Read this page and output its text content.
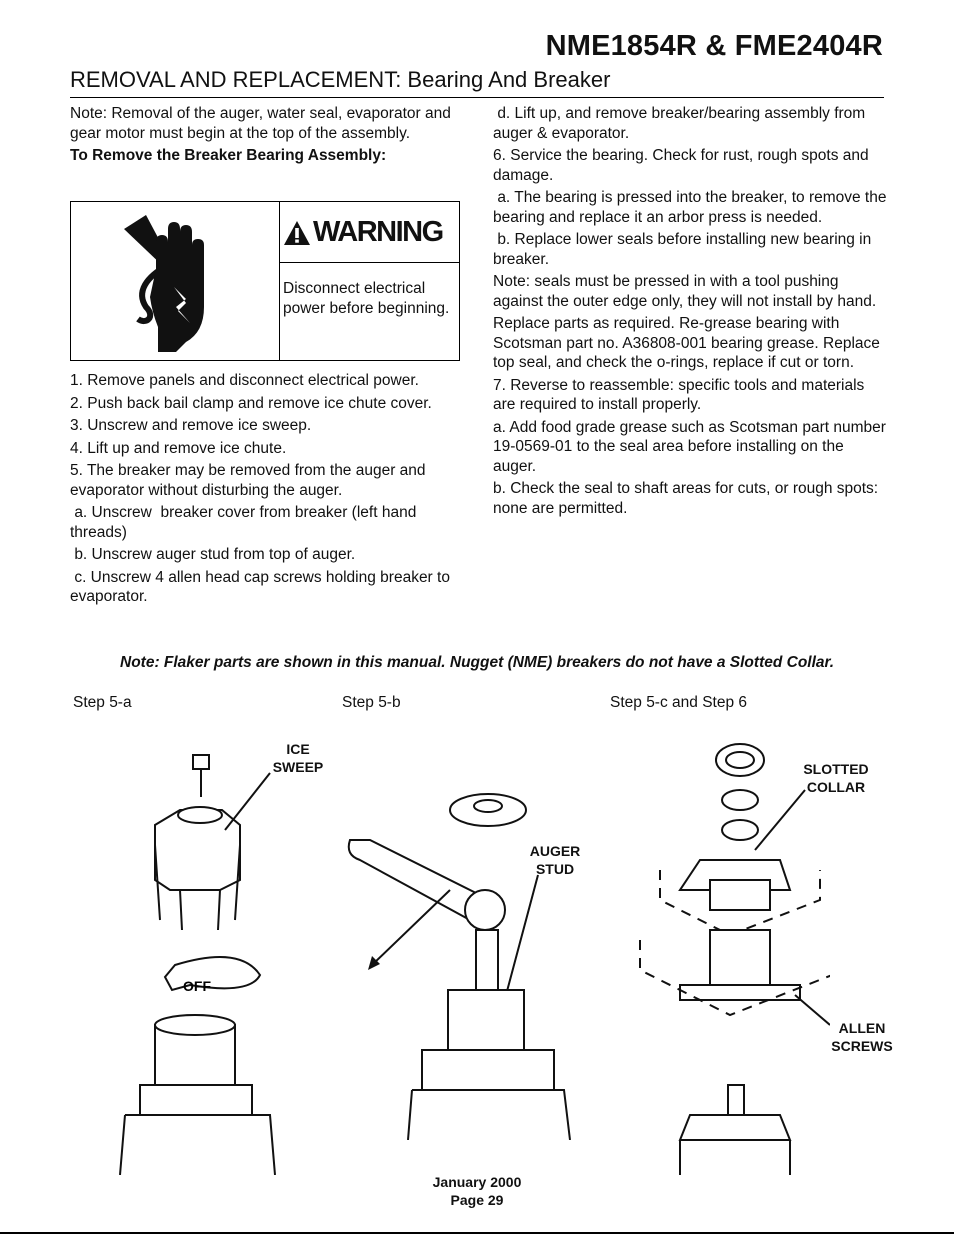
NME1854R & FME2404R
REMOVAL AND REPLACEMENT: Bearing And Breaker

Note: Removal of the auger, water seal, evaporator and gear motor must begin at the top of the assembly.

To Remove the Breaker Bearing Assembly:

WARNING
Disconnect electrical power before beginning.

1. Remove panels and disconnect electrical power.

2. Push back bail clamp and remove ice chute cover.

3. Unscrew and remove ice sweep.

4. Lift up and remove ice chute.

5. The breaker may be removed from the auger and evaporator without disturbing the auger.

a. Unscrew  breaker cover from breaker (left hand threads)

b. Unscrew auger stud from top of auger.

c. Unscrew 4 allen head cap screws holding breaker to evaporator.

d. Lift up, and remove breaker/bearing assembly from auger & evaporator.

6. Service the bearing. Check for rust, rough spots and damage.

a. The bearing is pressed into the breaker, to remove the bearing and replace it an arbor press is needed.

b. Replace lower seals before installing new bearing in breaker.

Note: seals must be pressed in with a tool pushing against the outer edge only, they will not install by hand.

Replace parts as required. Re-grease bearing with Scotsman part no. A36808-001 bearing grease. Replace top seal, and check the o-rings, replace if cut or torn.

7. Reverse to reassemble: specific tools and materials are required to install properly.

a. Add food grade grease such as Scotsman part number 19-0569-01 to the seal area before installing on the auger.

b. Check the seal to shaft areas for cuts, or rough spots: none are permitted.

Note: Flaker parts are shown in this manual. Nugget (NME) breakers do not have a Slotted Collar.
Step 5-a	Step 5-b	Step 5-c and Step 6
ICE
SWEEP
AUGER
STUD
SLOTTED
COLLAR
ALLEN
SCREWS
OFF
January 2000
Page 29
